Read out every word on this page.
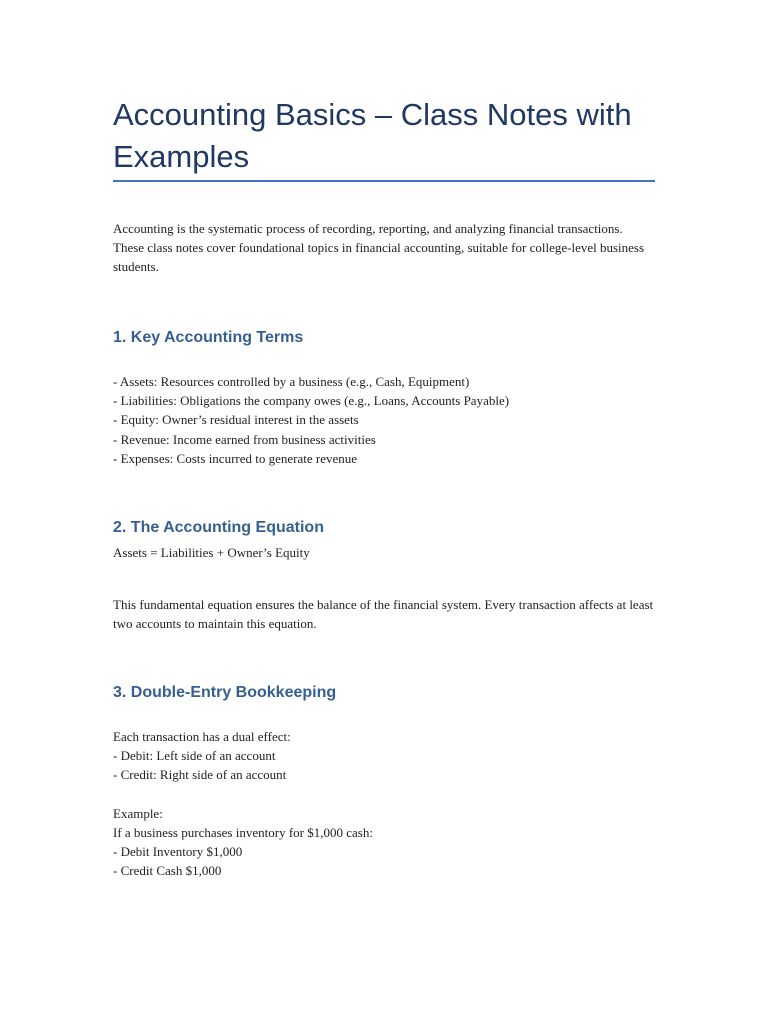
Accounting Basics – Class Notes with Examples

Accounting is the systematic process of recording, reporting, and analyzing financial transactions. These class notes cover foundational topics in financial accounting, suitable for college-level business students.

1. Key Accounting Terms
- Assets: Resources controlled by a business (e.g., Cash, Equipment)
- Liabilities: Obligations the company owes (e.g., Loans, Accounts Payable)
- Equity: Owner’s residual interest in the assets
- Revenue: Income earned from business activities
- Expenses: Costs incurred to generate revenue
2. The Accounting Equation

Assets = Liabilities + Owner’s Equity

This fundamental equation ensures the balance of the financial system. Every transaction affects at least two accounts to maintain this equation.

3. Double-Entry Bookkeeping

Each transaction has a dual effect:

- Debit: Left side of an account
- Credit: Right side of an account

Example:

If a business purchases inventory for $1,000 cash:

- Debit Inventory $1,000
- Credit Cash $1,000
